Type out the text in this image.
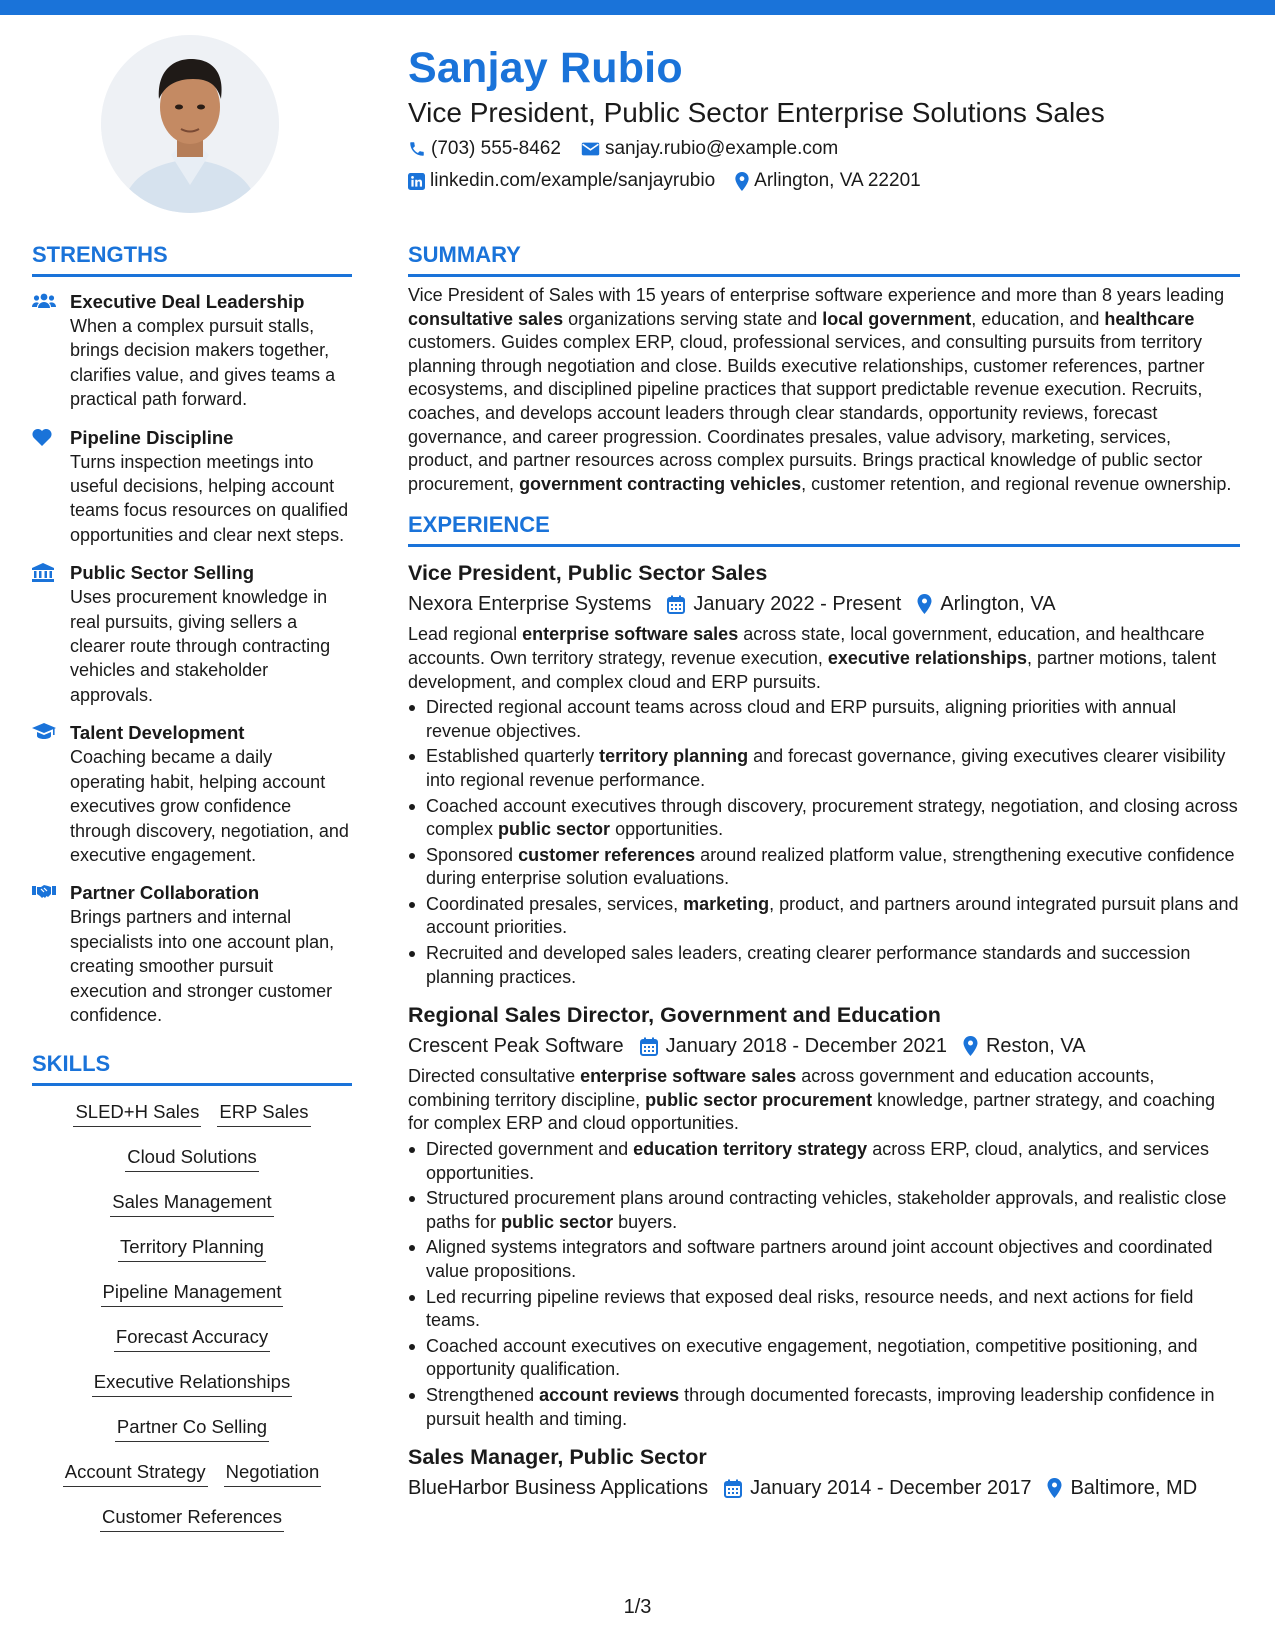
Sanjay Rubio
Vice President, Public Sector Enterprise Solutions Sales
(703) 555-8462 sanjay.rubio@example.com
linkedin.com/example/sanjayrubio Arlington, VA 22201
STRENGTHS
Executive Deal Leadership
When a complex pursuit stalls, brings decision makers together, clarifies value, and gives teams a practical path forward.
Pipeline Discipline
Turns inspection meetings into useful decisions, helping account teams focus resources on qualified opportunities and clear next steps.
Public Sector Selling
Uses procurement knowledge in real pursuits, giving sellers a clearer route through contracting vehicles and stakeholder approvals.
Talent Development
Coaching became a daily operating habit, helping account executives grow confidence through discovery, negotiation, and executive engagement.
Partner Collaboration
Brings partners and internal specialists into one account plan, creating smoother pursuit execution and stronger customer confidence.
SKILLS
SLED+H Sales ERP Sales
Cloud Solutions
Sales Management
Territory Planning
Pipeline Management
Forecast Accuracy
Executive Relationships
Partner Co Selling
Account Strategy Negotiation
Customer References
SUMMARY
Vice President of Sales with 15 years of enterprise software experience and more than 8 years leading consultative sales organizations serving state and local government, education, and healthcare customers. Guides complex ERP, cloud, professional services, and consulting pursuits from territory planning through negotiation and close. Builds executive relationships, customer references, partner ecosystems, and disciplined pipeline practices that support predictable revenue execution. Recruits, coaches, and develops account leaders through clear standards, opportunity reviews, forecast governance, and career progression. Coordinates presales, value advisory, marketing, services, product, and partner resources across complex pursuits. Brings practical knowledge of public sector procurement, government contracting vehicles, customer retention, and regional revenue ownership.
EXPERIENCE
Vice President, Public Sector Sales
Nexora Enterprise Systems January 2022 - Present Arlington, VA
Lead regional enterprise software sales across state, local government, education, and healthcare accounts. Own territory strategy, revenue execution, executive relationships, partner motions, talent development, and complex cloud and ERP pursuits.
Directed regional account teams across cloud and ERP pursuits, aligning priorities with annual revenue objectives.
Established quarterly territory planning and forecast governance, giving executives clearer visibility into regional revenue performance.
Coached account executives through discovery, procurement strategy, negotiation, and closing across complex public sector opportunities.
Sponsored customer references around realized platform value, strengthening executive confidence during enterprise solution evaluations.
Coordinated presales, services, marketing, product, and partners around integrated pursuit plans and account priorities.
Recruited and developed sales leaders, creating clearer performance standards and succession planning practices.
Regional Sales Director, Government and Education
Crescent Peak Software January 2018 - December 2021 Reston, VA
Directed consultative enterprise software sales across government and education accounts, combining territory discipline, public sector procurement knowledge, partner strategy, and coaching for complex ERP and cloud opportunities.
Directed government and education territory strategy across ERP, cloud, analytics, and services opportunities.
Structured procurement plans around contracting vehicles, stakeholder approvals, and realistic close paths for public sector buyers.
Aligned systems integrators and software partners around joint account objectives and coordinated value propositions.
Led recurring pipeline reviews that exposed deal risks, resource needs, and next actions for field teams.
Coached account executives on executive engagement, negotiation, competitive positioning, and opportunity qualification.
Strengthened account reviews through documented forecasts, improving leadership confidence in pursuit health and timing.
Sales Manager, Public Sector
BlueHarbor Business Applications January 2014 - December 2017 Baltimore, MD
1/3
